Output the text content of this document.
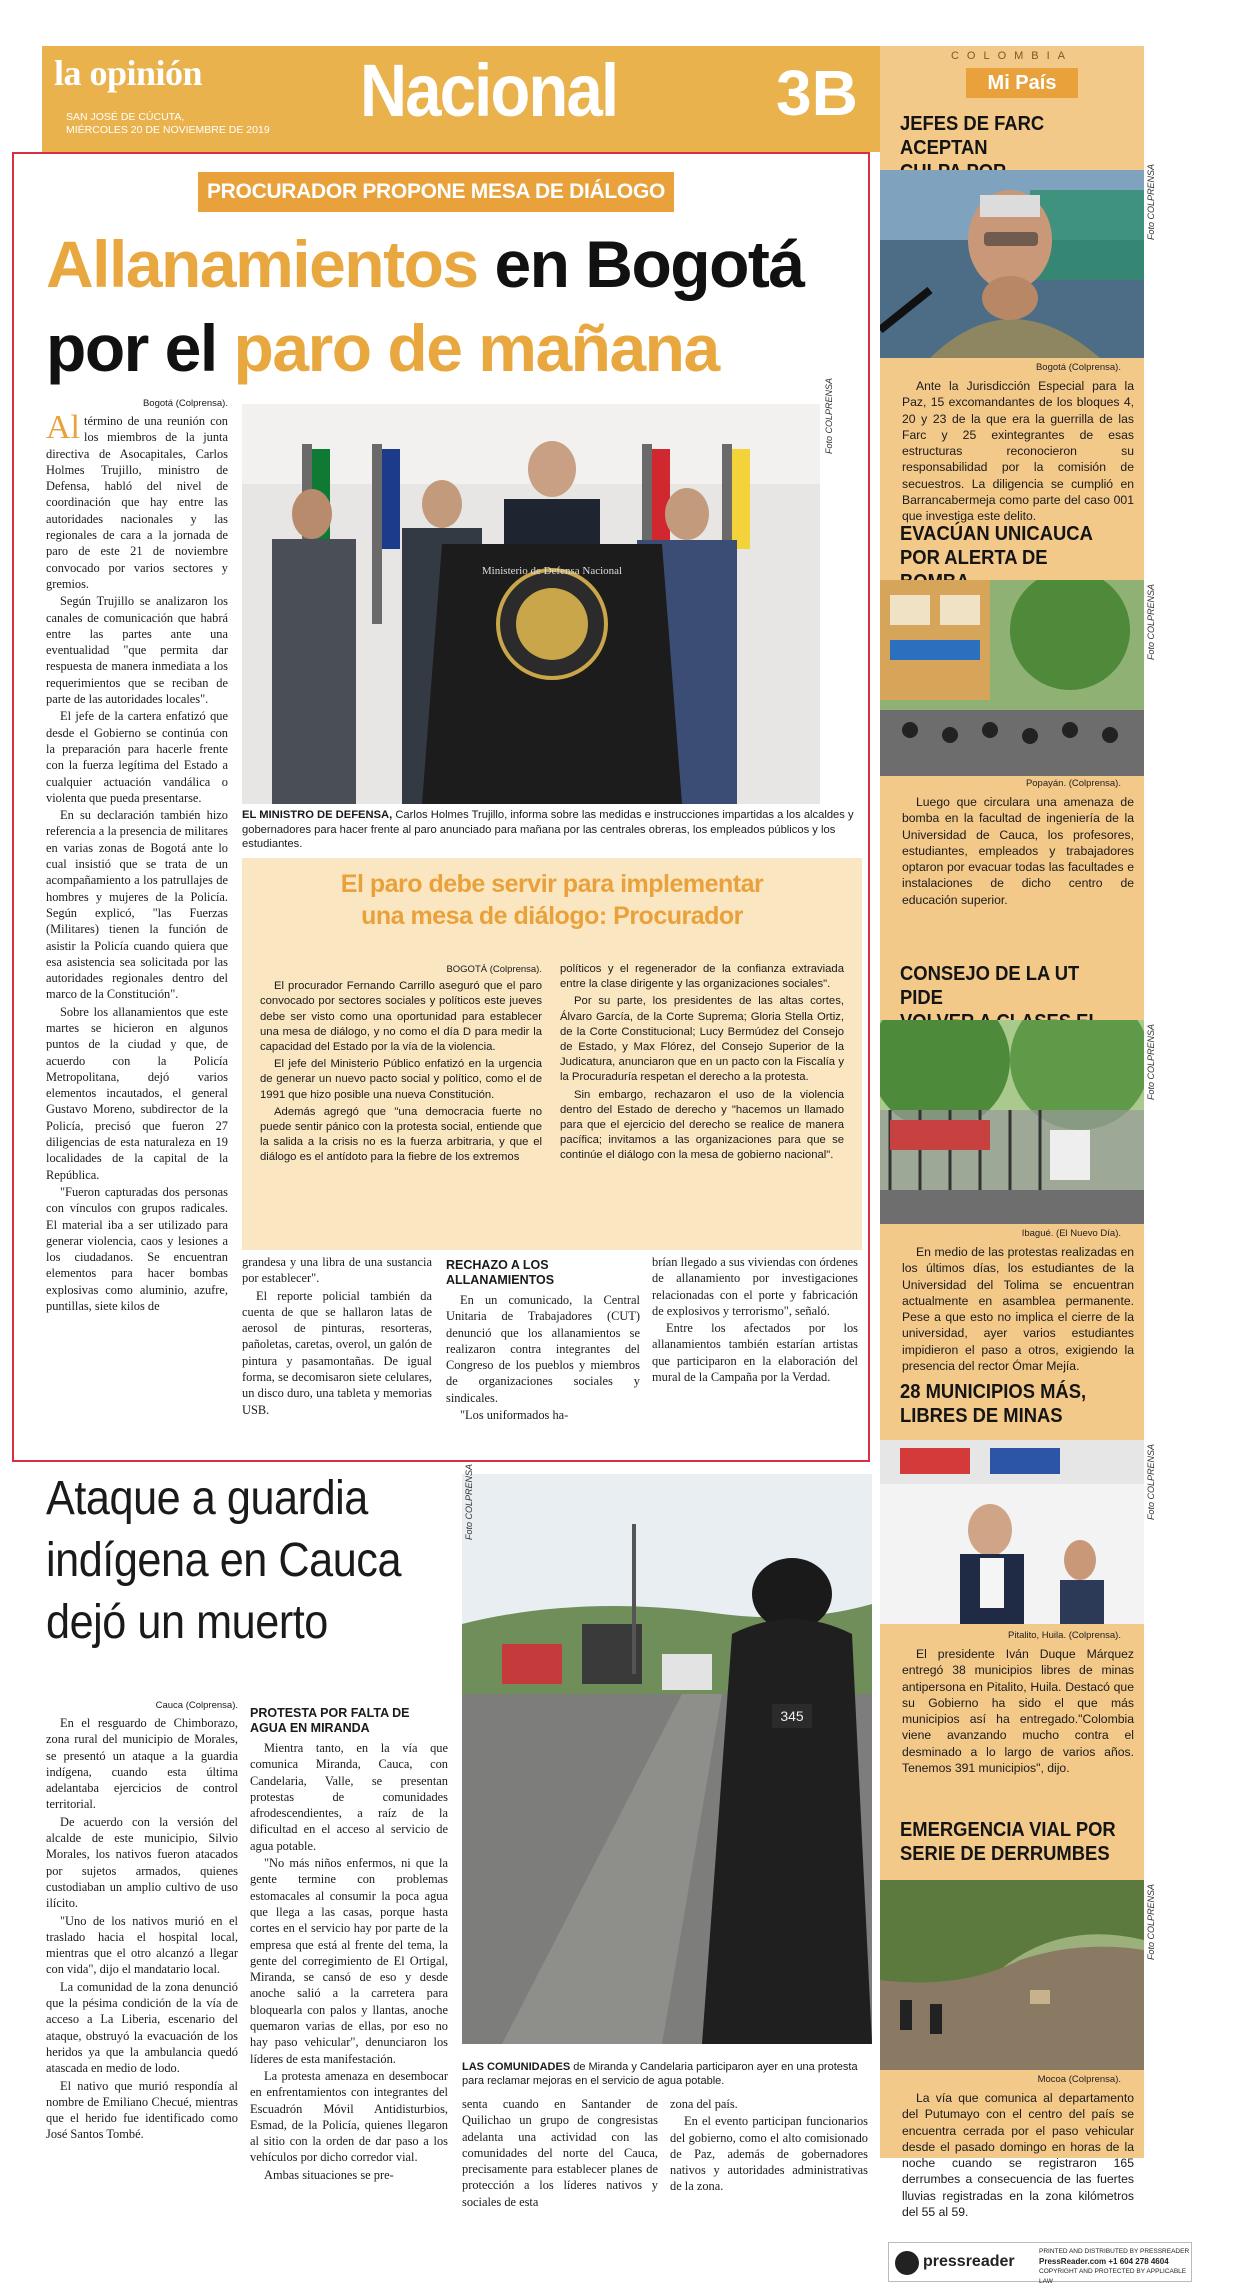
la opinión
SAN JOSÉ DE CÚCUTA,
MIÉRCOLES 20 DE NOVIEMBRE DE 2019 Nacional 3B
COLOMBIA
Mi País
JEFES DE FARC ACEPTAN
Foto COLPRENSA
Bogotá (Colprensa).
Ante la Jurisdicción Especial para la Paz, 15 excomandantes de los bloques 4, 20 y 23 de la que era la guerrilla de las Farc y 25 exintegrantes de esas estructuras reconocieron su responsabilidad por la comisión de secuestros. La diligencia se cumplió en Barrancabermeja como parte del caso 001 que investiga este delito.
EVACÚAN UNICAUCA
POR ALERTA DE
Foto COLPRENSA
Popayán. (Colprensa).
Luego que circulara una amenaza de bomba en la facultad de ingeniería de la Universidad de Cauca, los profesores, estudiantes, empleados y trabajadores optaron por evacuar todas las facultades e instalaciones de dicho centro de educación superior.
CONSEJO DE LA UT PIDE
Foto COLPRENSA
Ibagué. (El Nuevo Día).
En medio de las protestas realizadas en los últimos días, los estudiantes de la Universidad del Tolima se encuentran actualmente en asamblea permanente. Pese a que esto no implica el cierre de la universidad, ayer varios estudiantes impidieron el paso a otros, exigiendo la presencia del rector Ómar Mejía.
28 MUNICIPIOS MÁS,
LIBRES DE MINAS
Foto COLPRENSA
Pitalito, Huila. (Colprensa).
El presidente Iván Duque Márquez entregó 38 municipios libres de minas antipersona en Pitalito, Huila. Destacó que su Gobierno ha sido el que más municipios así ha entregado."Colombia viene avanzando mucho contra el desminado a lo largo de varios años. Tenemos 391 municipios", dijo.
EMERGENCIA VIAL POR
SERIE DE DERRUMBES
Foto COLPRENSA
Mocoa (Colprensa).
La vía que comunica al departamento del Putumayo con el centro del país se encuentra cerrada por el paso vehicular desde el pasado domingo en horas de la noche cuando se registraron 165 derrumbes a consecuencia de las fuertes lluvias registradas en la zona kilómetros del 55 al 59.
PROCURADOR PROPONE MESA DE DIÁLOGO
Allanamientos en Bogotá
por el paro de mañana
Bogotá (Colprensa).

Al término de una reunión con los miembros de la junta directiva de Asocapitales, Carlos Holmes Trujillo, ministro de Defensa, habló del nivel de coordinación que hay entre las autoridades nacionales y las regionales de cara a la jornada de paro de este 21 de noviembre convocado por varios sectores y gremios.

Según Trujillo se analizaron los canales de comunicación que habrá entre las partes ante una eventualidad "que permita dar respuesta de manera inmediata a los requerimientos que se reciban de parte de las autoridades locales".

El jefe de la cartera enfatizó que desde el Gobierno se continúa con la preparación para hacerle frente con la fuerza legítima del Estado a cualquier actuación vandálica o violenta que pueda presentarse.

En su declaración también hizo referencia a la presencia de militares en varias zonas de Bogotá ante lo cual insistió que se trata de un acompañamiento a los patrullajes de hombres y mujeres de la Policía. Según explicó, "las Fuerzas (Militares) tienen la función de asistir la Policía cuando quiera que esa asistencia sea solicitada por las autoridades regionales dentro del marco de la Constitución".

Sobre los allanamientos que este martes se hicieron en algunos puntos de la ciudad y que, de acuerdo con la Policía Metropolitana, dejó varios elementos incautados, el general Gustavo Moreno, subdirector de la Policía, precisó que fueron 27 diligencias de esta naturaleza en 19 localidades de la capital de la República.

"Fueron capturadas dos personas con vínculos con grupos radicales. El material iba a ser utilizado para generar violencia, caos y lesiones a los ciudadanos. Se encuentran elementos para hacer bombas explosivas como aluminio, azufre, puntillas, siete kilos de

Ministerio de Defensa Nacional
Foto COLPRENSA
EL MINISTRO DE DEFENSA, Carlos Holmes Trujillo, informa sobre las medidas e instrucciones impartidas a los alcaldes y gobernadores para hacer frente al paro anunciado para mañana por las centrales obreras, los empleados públicos y los estudiantes.
El paro debe servir para implementar
una mesa de diálogo: Procurador
BOGOTÁ (Colprensa).

El procurador Fernando Carrillo aseguró que el paro convocado por sectores sociales y políticos este jueves debe ser visto como una oportunidad para establecer una mesa de diálogo, y no como el día D para medir la capacidad del Estado por la vía de la violencia.

El jefe del Ministerio Público enfatizó en la urgencia de generar un nuevo pacto social y político, como el de 1991 que hizo posible una nueva Constitución.

Además agregó que "una democracia fuerte no puede sentir pánico con la protesta social, entiende que la salida a la crisis no es la fuerza arbitraria, y que el diálogo es el antídoto para la fiebre de los extremos

políticos y el regenerador de la confianza extraviada entre la clase dirigente y las organizaciones sociales".

Por su parte, los presidentes de las altas cortes, Álvaro García, de la Corte Suprema; Gloria Stella Ortiz, de la Corte Constitucional; Lucy Bermúdez del Consejo de Estado, y Max Flórez, del Consejo Superior de la Judicatura, anunciaron que en un pacto con la Fiscalía y la Procuraduría respetan el derecho a la protesta.

Sin embargo, rechazaron el uso de la violencia dentro del Estado de derecho y "hacemos un llamado para que el ejercicio del derecho se realice de manera pacífica; invitamos a las organizaciones para que se continúe el diálogo con la mesa de gobierno nacional".

grandesa y una libra de una sustancia por establecer".

El reporte policial también da cuenta de que se hallaron latas de aerosol de pinturas, resorteras, pañoletas, caretas, overol, un galón de pintura y pasamontañas. De igual forma, se decomisaron siete celulares, un disco duro, una tableta y memorias USB.

RECHAZO A LOS ALLANAMIENTOS

En un comunicado, la Central Unitaria de Trabajadores (CUT) denunció que los allanamientos se realizaron contra integrantes del Congreso de los pueblos y miembros de organizaciones sociales y sindicales.

"Los uniformados ha-

brían llegado a sus viviendas con órdenes de allanamiento por investigaciones relacionadas con el porte y fabricación de explosivos y terrorismo", señaló.

Entre los afectados por los allanamientos también estarían artistas que participaron en la elaboración del mural de la Campaña por la Verdad.

Ataque a guardia indígena en Cauca dejó un muerto
Cauca (Colprensa).

En el resguardo de Chimborazo, zona rural del municipio de Morales, se presentó un ataque a la guardia indígena, cuando esta última adelantaba ejercicios de control territorial.

De acuerdo con la versión del alcalde de este municipio, Silvio Morales, los nativos fueron atacados por sujetos armados, quienes custodiaban un amplio cultivo de uso ilícito.

"Uno de los nativos murió en el traslado hacia el hospital local, mientras que el otro alcanzó a llegar con vida", dijo el mandatario local.

La comunidad de la zona denunció que la pésima condición de la vía de acceso a La Liberia, escenario del ataque, obstruyó la evacuación de los heridos ya que la ambulancia quedó atascada en medio de lodo.

El nativo que murió respondía al nombre de Emiliano Checué, mientras que el herido fue identificado como José Santos Tombé.

PROTESTA POR FALTA DE AGUA EN MIRANDA

Mientra tanto, en la vía que comunica Miranda, Cauca, con Candelaria, Valle, se presentan protestas de comunidades afrodescendientes, a raíz de la dificultad en el acceso al servicio de agua potable.

"No más niños enfermos, ni que la gente termine con problemas estomacales al consumir la poca agua que llega a las casas, porque hasta cortes en el servicio hay por parte de la empresa que está al frente del tema, la gente del corregimiento de El Ortigal, Miranda, se cansó de eso y desde anoche salió a la carretera para bloquearla con palos y llantas, anoche quemaron varias de ellas, por eso no hay paso vehicular", denunciaron los líderes de esta manifestación.

La protesta amenaza en desembocar en enfrentamientos con integrantes del Escuadrón Móvil Antidisturbios, Esmad, de la Policía, quienes llegaron al sitio con la orden de dar paso a los vehículos por dicho corredor vial.

Ambas situaciones se pre-

345
Foto COLPRENSA
LAS COMUNIDADES de Miranda y Candelaria participaron ayer en una protesta para reclamar mejoras en el servicio de agua potable.

senta cuando en Santander de Quilichao un grupo de congresistas adelanta una actividad con las comunidades del norte del Cauca, precisamente para establecer planes de protección a los líderes nativos y sociales de esta

zona del país.

En el evento participan funcionarios del gobierno, como el alto comisionado de Paz, además de gobernadores nativos y autoridades administrativas de la zona.

pressreader
PRINTED AND DISTRIBUTED BY PRESSREADER
PressReader.com +1 604 278 4604
COPYRIGHT AND PROTECTED BY APPLICABLE LAW
